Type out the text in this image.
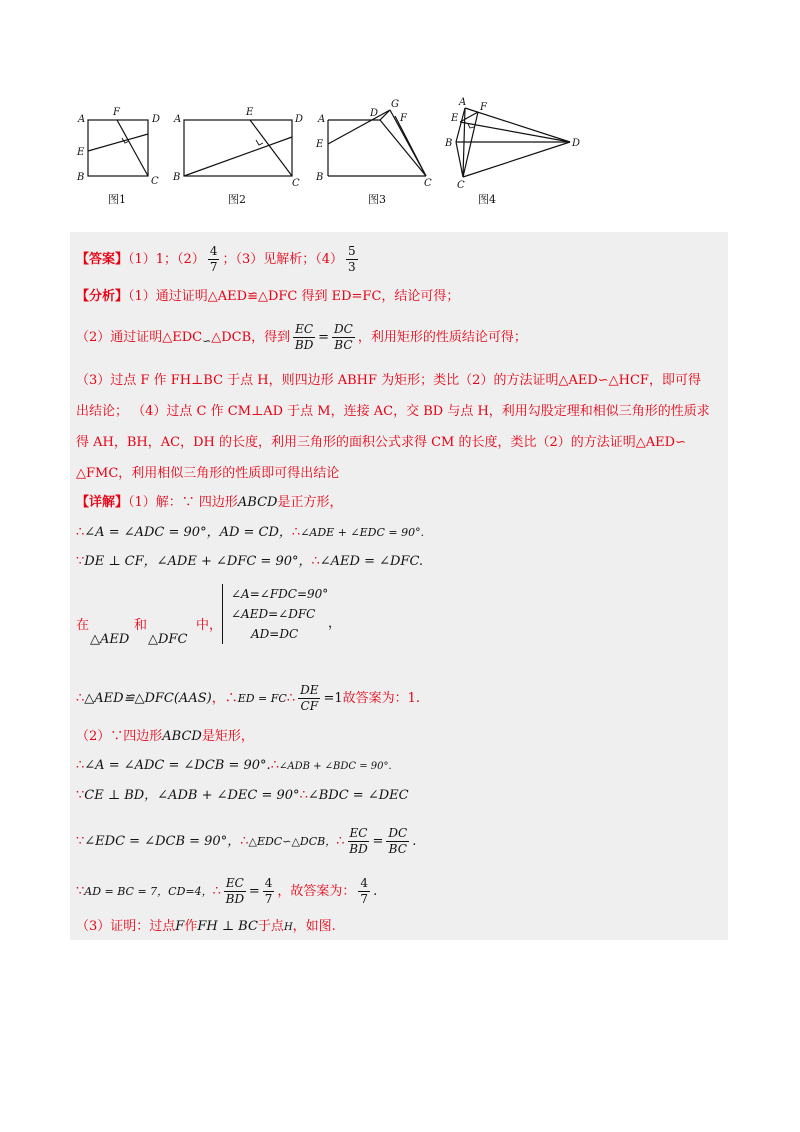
A
F
D
E
B	C
图1
A
E
D
B
C
图2
A
D
G
F
E
B
C
图3
A F
E
B	D
C
图4
【答案】（1）1；$(2) \frac{4}{7}$ ；（3）见解析；$(4) \frac{5}{3}$
【分析】（1）通过证明△AED≌△DFC 得到 ED=FC，结论可得；
（2）通过证明$\triangle EDC_∽\triangle DCB$，得到 $\frac{EC}{BD} = \frac{DC}{BC}$ ，利用矩形的性质结论可得；
（3）过点 F 作 FH⊥BC 于点 H，则四边形 ABHF 为矩形；类比（2）的方法证明△AED∽△HCF，即可得
出结论； （4）过点 C 作 CM⊥AD 于点 M，连接 AC，交 BD 与点 H，利用勾股定理和相似三角形的性质求
得 AH，BH，AC，DH 的长度，利用三角形的面积公式求得 CM 的长度，类比（2）的方法证明△AED∽
△FMC，利用相似三角形的性质即可得出结论
【详解】（1）解：∵ 四边形ABCD是正方形，
∴∠A = ∠ADC = 90°，AD = CD，∴∠ADE + ∠EDC = 90°.
∵DE ⊥ CF，∠ADE + ∠DFC = 90°，∴∠AED = ∠DFC.
在	和	中，
△AED △DFC
∠A=∠FDC=90°
∠AED=∠DFC
AD=DC
，
∴△AED≌△DFC(AAS)，∴ED = FC∴ $\frac{DE}{CF} =1$故答案为：1.
（2）∵四边形ABCD是矩形，
∴∠A = ∠ADC = ∠DCB = 90°.∴∠ADB + ∠BDC = 90°.
∵CE ⊥ BD，∠ADB + ∠DEC = 90°∴∠BDC = ∠DEC
∵∠EDC = ∠DCB = 90°，∴△EDC∽△DCB，∴ $\frac{EC}{BD} = \frac{DC}{BC}$ .
∵AD = BC = 7，CD=4，∴ $\frac{EC}{BD} = \frac{4}{7}$ ，故答案为： $\frac{4}{7}$ .
（3）证明：过点F作FH ⊥ BC于点H，如图.
